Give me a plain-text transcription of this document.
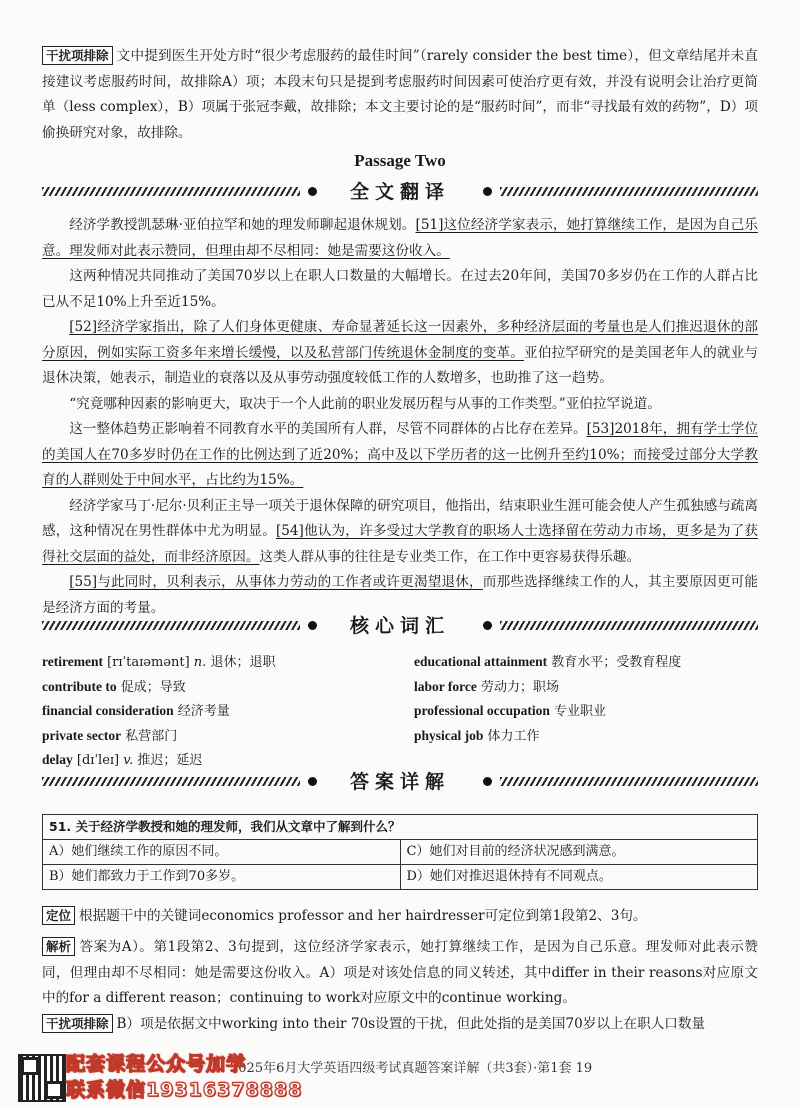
干扰项排除 文中提到医生开处方时“很少考虑服药的最佳时间”（rarely consider the best time），但文章结尾并未直接建议考虑服药时间，故排除A）项；本段末句只是提到考虑服药时间因素可使治疗更有效，并没有说明会让治疗更简单（less complex），B）项属于张冠李戴，故排除；本文主要讨论的是“服药时间”，而非“寻找最有效的药物”，D）项偷换研究对象，故排除。
Passage Two
全文翻译
经济学教授凯瑟琳·亚伯拉罕和她的理发师聊起退休规划。[51]这位经济学家表示，她打算继续工作，是因为自己乐意。理发师对此表示赞同，但理由却不尽相同：她是需要这份收入。
这两种情况共同推动了美国70岁以上在职人口数量的大幅增长。在过去20年间，美国70多岁仍在工作的人群占比已从不足10%上升至近15%。
[52]经济学家指出，除了人们身体更健康、寿命显著延长这一因素外，多种经济层面的考量也是人们推迟退休的部分原因，例如实际工资多年来增长缓慢，以及私营部门传统退休金制度的变革。亚伯拉罕研究的是美国老年人的就业与退休决策，她表示，制造业的衰落以及从事劳动强度较低工作的人数增多，也助推了这一趋势。
“究竟哪种因素的影响更大，取决于一个人此前的职业发展历程与从事的工作类型。”亚伯拉罕说道。
这一整体趋势正影响着不同教育水平的美国所有人群，尽管不同群体的占比存在差异。[53]2018年，拥有学士学位的美国人在70多岁时仍在工作的比例达到了近20%；高中及以下学历者的这一比例升至约10%；而接受过部分大学教育的人群则处于中间水平，占比约为15%。
经济学家马丁·尼尔·贝利正主导一项关于退休保障的研究项目，他指出，结束职业生涯可能会使人产生孤独感与疏离感，这种情况在男性群体中尤为明显。[54]他认为，许多受过大学教育的职场人士选择留在劳动力市场，更多是为了获得社交层面的益处，而非经济原因。这类人群从事的往往是专业类工作，在工作中更容易获得乐趣。
[55]与此同时，贝利表示，从事体力劳动的工作者或许更渴望退休，而那些选择继续工作的人，其主要原因更可能是经济方面的考量。
核心词汇
retirement [rɪˈtaɪəmənt] n. 退休；退职
contribute to 促成；导致
financial consideration 经济考量
private sector 私营部门
delay [dɪˈleɪ] v. 推迟；延迟
educational attainment 教育水平；受教育程度
labor force 劳动力；职场
professional occupation 专业职业
physical job 体力工作
答案详解
51. 关于经济学教授和她的理发师，我们从文章中了解到什么？	
A）她们继续工作的原因不同。	C）她们对目前的经济状况感到满意。
B）她们都致力于工作到70多岁。	D）她们对推迟退休持有不同观点。
定位 根据题干中的关键词economics professor and her hairdresser可定位到第1段第2、3句。
解析 答案为A）。第1段第2、3句提到，这位经济学家表示，她打算继续工作，是因为自己乐意。理发师对此表示赞同，但理由却不尽相同：她是需要这份收入。A）项是对该处信息的同义转述，其中differ in their reasons对应原文中的for a different reason；continuing to work对应原文中的continue working。
干扰项排除 B）项是依据文中working into their 70s设置的干扰，但此处指的是美国70岁以上在职人口数量
2025年6月大学英语四级考试真题答案详解（共3套）·第1套 19
配套课程公众号加学
联系微信19316378888
